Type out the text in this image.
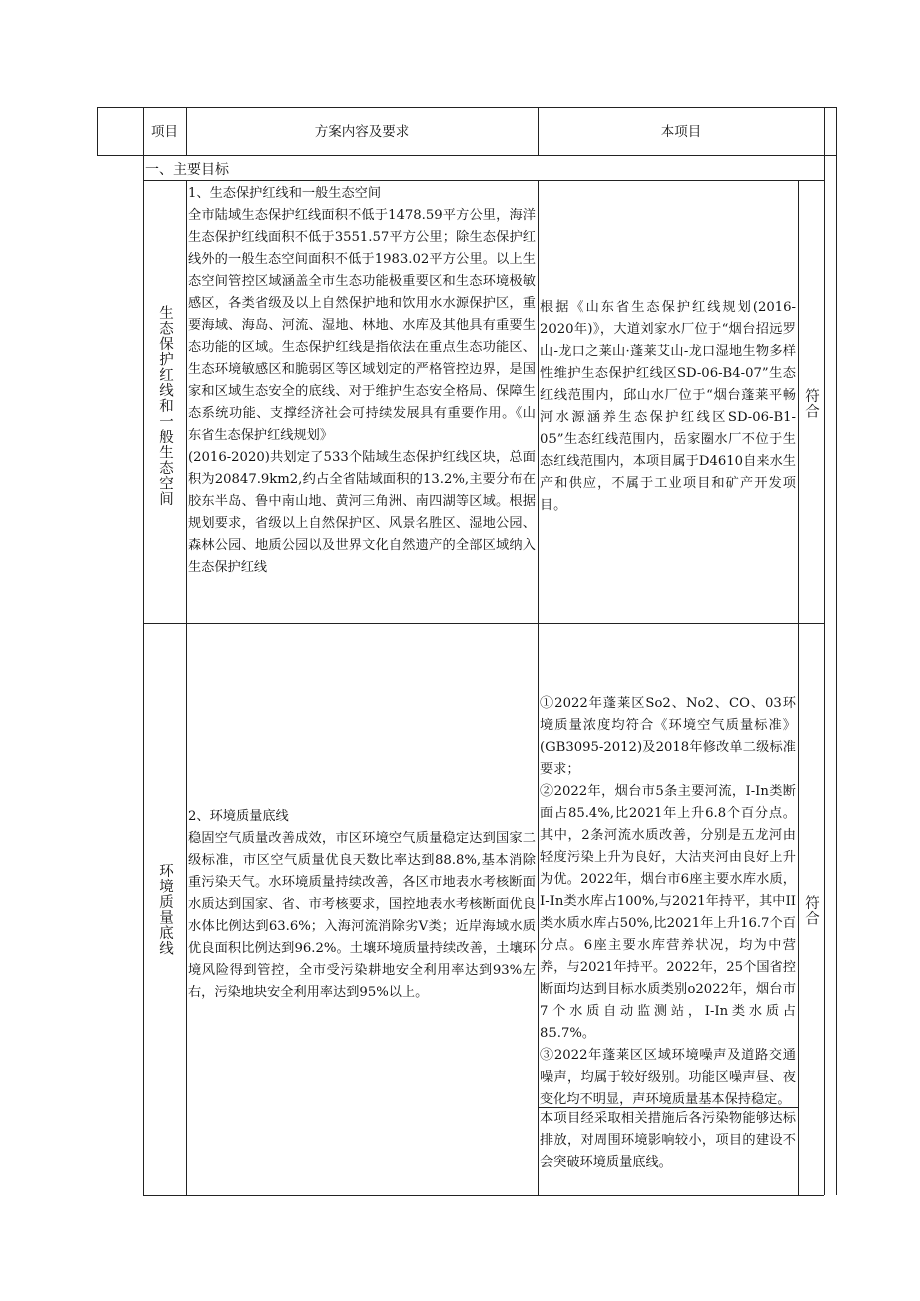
项目	方案内容及要求	本项目
一、主要目标
生态保护红线和一般生态空间
1、生态保护红线和一般生态空间
全市陆域生态保护红线面积不低于1478.59平方公里，海洋生态保护红线面积不低于3551.57平方公里；除生态保护红线外的一般生态空间面积不低于1983.02平方公里。以上生态空间管控区域涵盖全市生态功能极重要区和生态环境极敏感区，各类省级及以上自然保护地和饮用水水源保护区，重要海域、海岛、河流、湿地、林地、水库及其他具有重要生态功能的区域。生态保护红线是指依法在重点生态功能区、生态环境敏感区和脆弱区等区域划定的严格管控边界，是国家和区域生态安全的底线、对于维护生态安全格局、保障生态系统功能、支撑经济社会可持续发展具有重要作用。《山东省生态保护红线规划》
(2016-2020)共划定了533个陆域生态保护红线区块，总面积为20847.9km2,约占全省陆域面积的13.2%,主要分布在胶东半岛、鲁中南山地、黄河三角洲、南四湖等区域。根据规划要求，省级以上自然保护区、风景名胜区、湿地公园、森林公园、地质公园以及世界文化自然遗产的全部区域纳入生态保护红线
根据《山东省生态保护红线规划(2016-2020年)》，大道刘家水厂位于“烟台招远罗山-龙口之莱山·蓬莱艾山-龙口湿地生物多样性维护生态保护红线区SD-06-B4-07”生态红线范围内，邱山水厂位于“烟台蓬莱平畅河水源涵养生态保护红线区SD-06-B1-05”生态红线范围内，岳家圈水厂不位于生态红线范围内，本项目属于D4610自来水生产和供应，不属于工业项目和矿产开发项目。
符合
环境质量底线
2、环境质量底线
稳固空气质量改善成效，市区环境空气质量稳定达到国家二级标准，市区空气质量优良天数比率达到88.8%,基本消除重污染天气。水环境质量持续改善，各区市地表水考核断面水质达到国家、省、市考核要求，国控地表水考核断面优良水体比例达到63.6%；入海河流消除劣V类；近岸海域水质优良面积比例达到96.2%。土壤环境质量持续改善，土壤环境风险得到管控，全市受污染耕地安全利用率达到93%左右，污染地块安全利用率达到95%以上。
①2022年蓬莱区So2、No2、CO、03环境质量浓度均符合《环境空气质量标准》(GB3095-2012)及2018年修改单二级标准要求；
②2022年，烟台市5条主要河流，I-In类断面占85.4%,比2021年上升6.8个百分点。其中，2条河流水质改善，分别是五龙河由轻度污染上升为良好，大沽夹河由良好上升为优。2022年，烟台市6座主要水库水质，I-In类水库占100%,与2021年持平，其中II类水质水库占50%,比2021年上升16.7个百分点。6座主要水库营养状况，均为中营养，与2021年持平。2022年，25个国省控断面均达到目标水质类别o2022年，烟台市7个水质自动监测站，I-In类水质占85.7%。
③2022年蓬莱区区域环境噪声及道路交通噪声，均属于较好级别。功能区噪声昼、夜变化均不明显，声环境质量基本保持稳定。
本项目经采取相关措施后各污染物能够达标排放，对周围环境影响较小，项目的建设不会突破环境质量底线。
符合
